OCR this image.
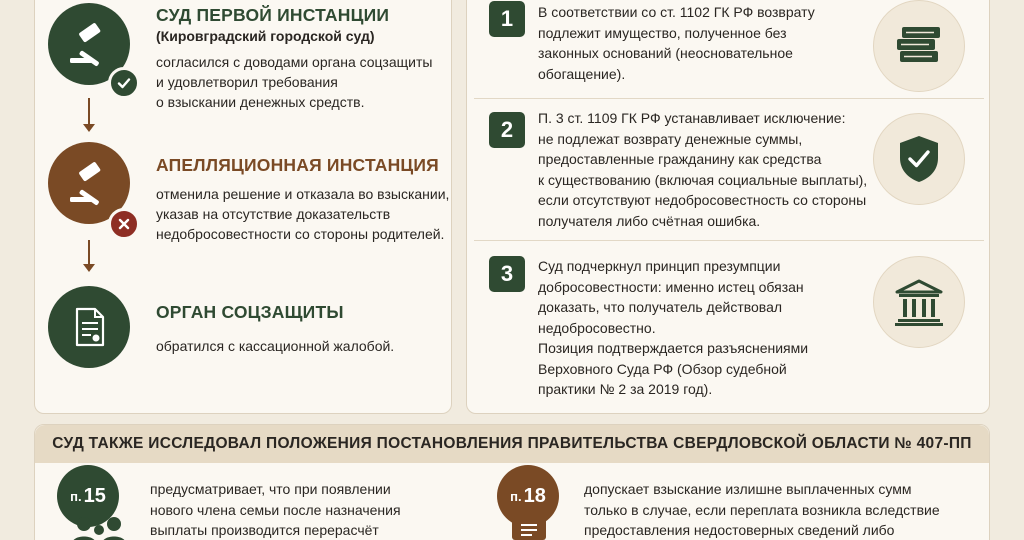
СУД ПЕРВОЙ ИНСТАНЦИИ
(Кировградский городской суд)
согласился с доводами органа соцзащиты
и удовлетворил требования
о взыскании денежных средств.
АПЕЛЛЯЦИОННАЯ ИНСТАНЦИЯ
отменила решение и отказала во взыскании,
указав на отсутствие доказательств
недобросовестности со стороны родителей.
ОРГАН СОЦЗАЩИТЫ
обратился с кассационной жалобой.
1	В соответствии со ст. 1102 ГК РФ возврату
подлежит имущество, полученное без
законных оснований (неосновательное
обогащение).
2	П. 3 ст. 1109 ГК РФ устанавливает исключение:
не подлежат возврату денежные суммы,
предоставленные гражданину как средства
к существованию (включая социальные выплаты),
если отсутствуют недобросовестность со стороны
получателя либо счётная ошибка.
3	Суд подчеркнул принцип презумпции
добросовестности: именно истец обязан
доказать, что получатель действовал
недобросовестно.
Позиция подтверждается разъяснениями
Верховного Суда РФ (Обзор судебной
практики № 2 за 2019 год).
СУД ТАКЖЕ ИССЛЕДОВАЛ ПОЛОЖЕНИЯ ПОСТАНОВЛЕНИЯ ПРАВИТЕЛЬСТВА СВЕРДЛОВСКОЙ ОБЛАСТИ № 407-ПП
п. 15	предусматривает, что при появлении
нового члена семьи после назначения
выплаты производится перерасчёт
п. 18	допускает взыскание излишне выплаченных сумм
только в случае, если переплата возникла вследствие
предоставления недостоверных сведений либо
